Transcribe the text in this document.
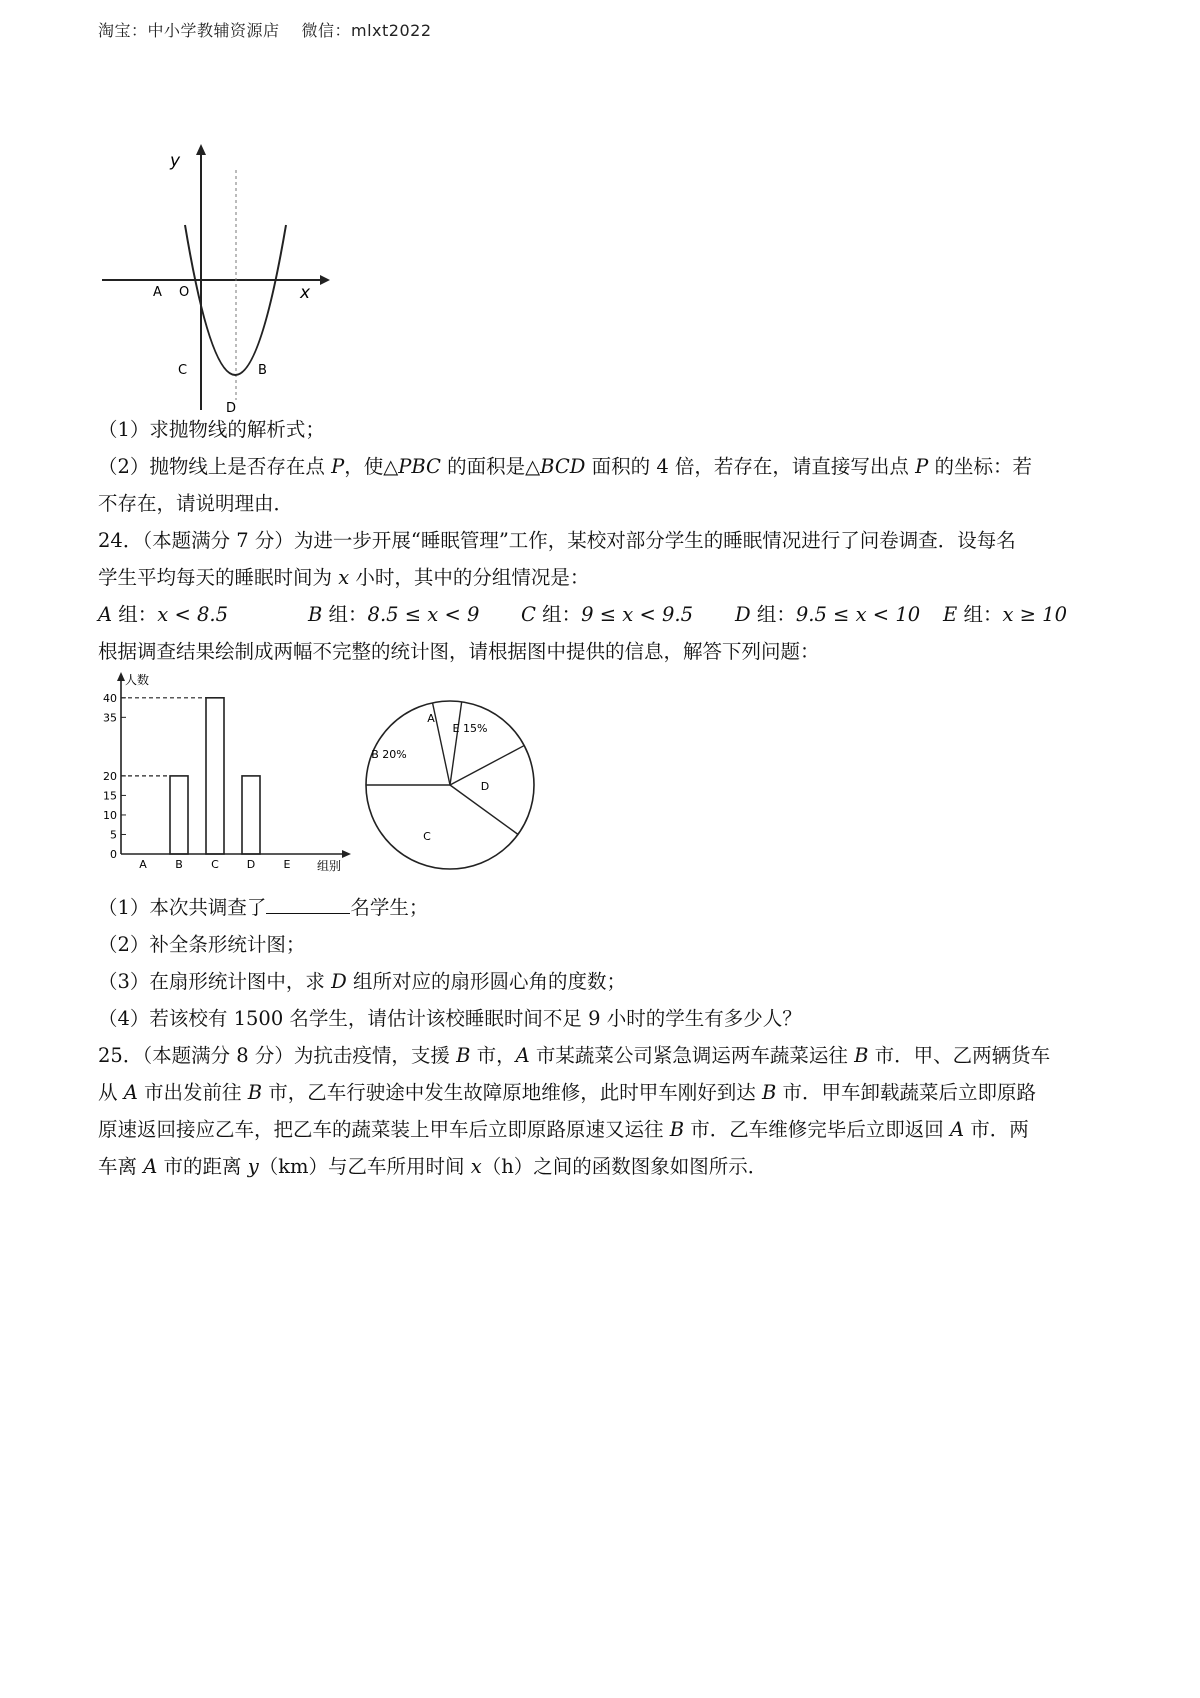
淘宝：中小学教辅资源店 微信：mlxt2022
y
x
O
A
C	B
D
（1）求抛物线的解析式；
（2）抛物线上是否存在点 P，使△PBC 的面积是△BCD 面积的 4 倍，若存在，请直接写出点 P 的坐标：若
不存在，请说明理由．
24．（本题满分 7 分）为进一步开展“睡眠管理”工作，某校对部分学生的睡眠情况进行了问卷调查．设每名
学生平均每天的睡眠时间为 x 小时，其中的分组情况是：
A 组：x < 8.5	B 组：8.5 ≤ x < 9 C 组：9 ≤ x < 9.5 D 组：9.5 ≤ x < 10 E 组：x ≥ 10
根据调查结果绘制成两幅不完整的统计图，请根据图中提供的信息，解答下列问题：
人数
组别
0
5
10
15
20
35
40
A	B	C	D	E
A
E 15%
D
C
B 20%
（1）本次共调查了	名学生；
（2）补全条形统计图；
（3）在扇形统计图中，求 D 组所对应的扇形圆心角的度数；
（4）若该校有 1500 名学生，请估计该校睡眠时间不足 9 小时的学生有多少人？
25．（本题满分 8 分）为抗击疫情，支援 B 市，A 市某蔬菜公司紧急调运两车蔬菜运往 B 市．甲、乙两辆货车
从 A 市出发前往 B 市，乙车行驶途中发生故障原地维修，此时甲车刚好到达 B 市．甲车卸载蔬菜后立即原路
原速返回接应乙车，把乙车的蔬菜装上甲车后立即原路原速又运往 B 市．乙车维修完毕后立即返回 A 市．两
车离 A 市的距离 y（km）与乙车所用时间 x（h）之间的函数图象如图所示．
